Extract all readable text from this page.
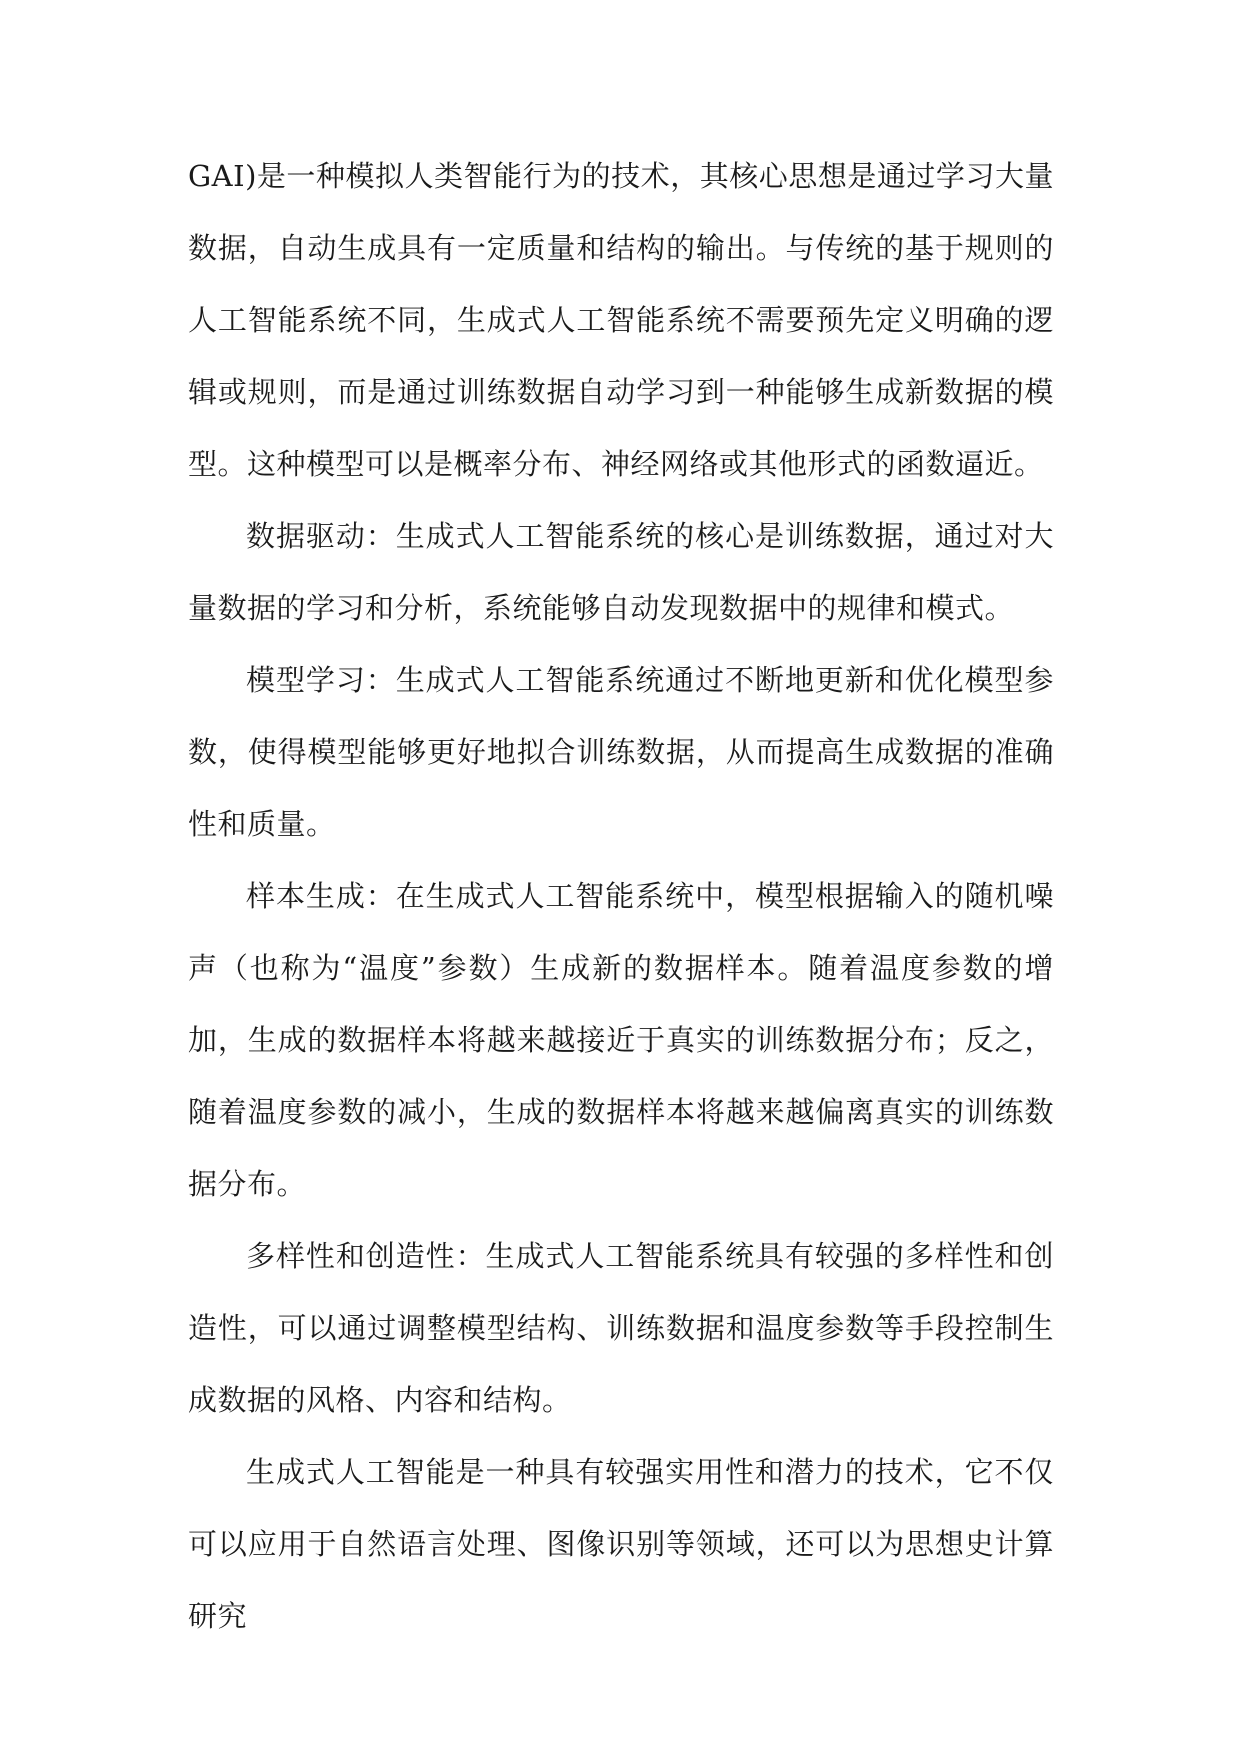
GAI)是一种模拟人类智能行为的技术，其核心思想是通过学习大量数据，自动生成具有一定质量和结构的输出。与传统的基于规则的人工智能系统不同，生成式人工智能系统不需要预先定义明确的逻辑或规则，而是通过训练数据自动学习到一种能够生成新数据的模型。这种模型可以是概率分布、神经网络或其他形式的函数逼近。

数据驱动：生成式人工智能系统的核心是训练数据，通过对大量数据的学习和分析，系统能够自动发现数据中的规律和模式。

模型学习：生成式人工智能系统通过不断地更新和优化模型参数，使得模型能够更好地拟合训练数据，从而提高生成数据的准确性和质量。

样本生成：在生成式人工智能系统中，模型根据输入的随机噪声（也称为“温度”参数）生成新的数据样本。随着温度参数的增加，生成的数据样本将越来越接近于真实的训练数据分布；反之，随着温度参数的减小，生成的数据样本将越来越偏离真实的训练数据分布。

多样性和创造性：生成式人工智能系统具有较强的多样性和创造性，可以通过调整模型结构、训练数据和温度参数等手段控制生成数据的风格、内容和结构。

生成式人工智能是一种具有较强实用性和潜力的技术，它不仅可以应用于自然语言处理、图像识别等领域，还可以为思想史计算研究
